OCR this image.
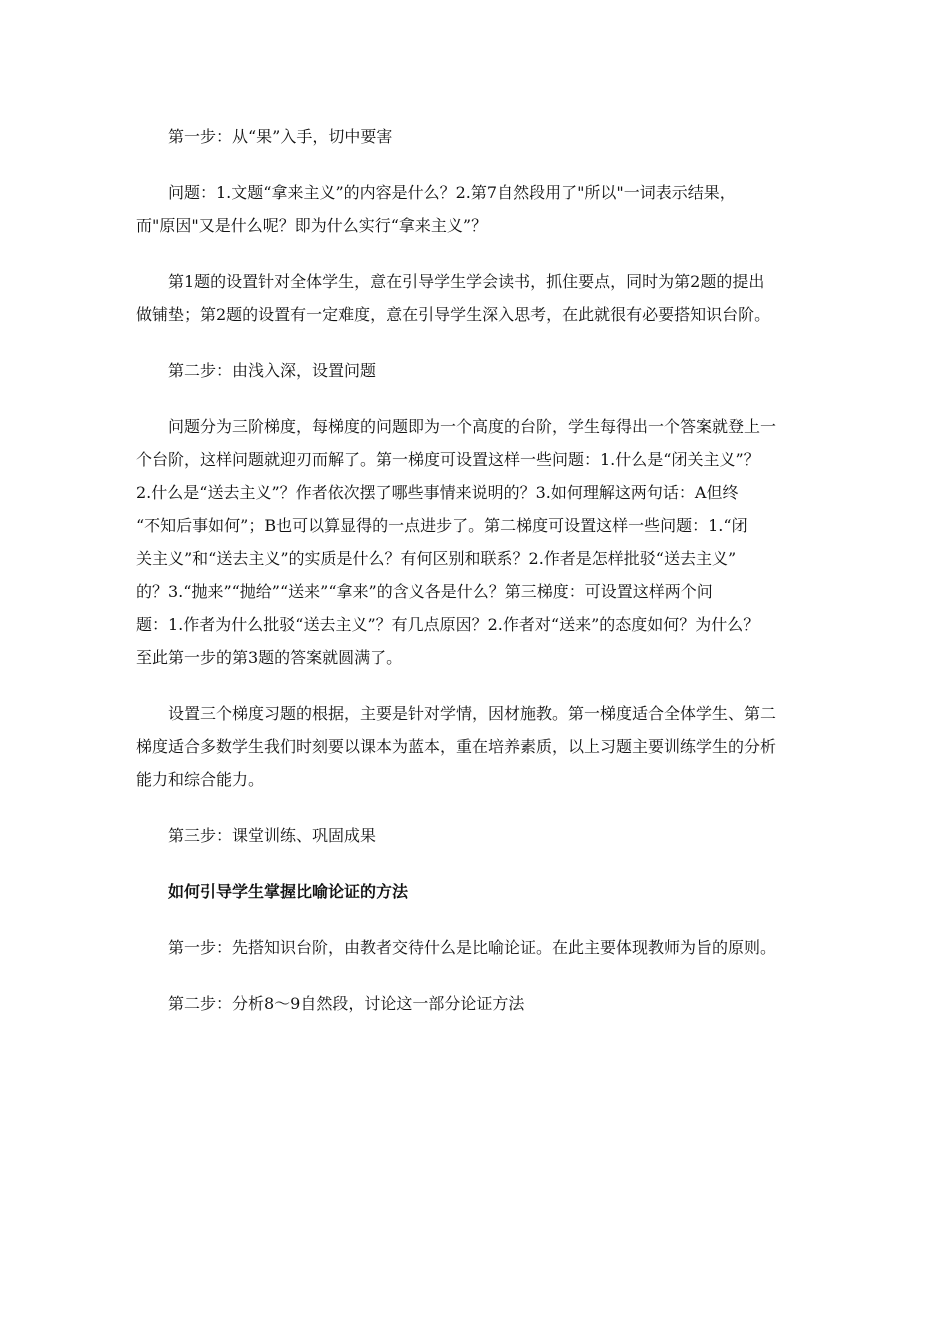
第一步：从“果”入手，切中要害
问题：1.文题“拿来主义”的内容是什么？2.第7自然段用了"所以"一词表示结果，
而"原因"又是什么呢？即为什么实行“拿来主义”？
第1题的设置针对全体学生，意在引导学生学会读书，抓住要点，同时为第2题的提出
做铺垫；第2题的设置有一定难度，意在引导学生深入思考，在此就很有必要搭知识台阶。
第二步：由浅入深，设置问题
问题分为三阶梯度，每梯度的问题即为一个高度的台阶，学生每得出一个答案就登上一
个台阶，这样问题就迎刃而解了。第一梯度可设置这样一些问题：1.什么是“闭关主义”？
2.什么是“送去主义”？作者依次摆了哪些事情来说明的？3.如何理解这两句话：A但终
“不知后事如何”；B也可以算显得的一点进步了。第二梯度可设置这样一些问题：1.“闭
关主义”和“送去主义”的实质是什么？有何区别和联系？2.作者是怎样批驳“送去主义”
的？3.“抛来”“抛给”“送来”“拿来”的含义各是什么？第三梯度：可设置这样两个问
题：1.作者为什么批驳“送去主义”？有几点原因？2.作者对“送来”的态度如何？为什么？
至此第一步的第3题的答案就圆满了。
设置三个梯度习题的根据，主要是针对学情，因材施教。第一梯度适合全体学生、第二
梯度适合多数学生我们时刻要以课本为蓝本，重在培养素质，以上习题主要训练学生的分析
能力和综合能力。
第三步：课堂训练、巩固成果
如何引导学生掌握比喻论证的方法
第一步：先搭知识台阶，由教者交待什么是比喻论证。在此主要体现教师为旨的原则。
第二步：分析8～9自然段，讨论这一部分论证方法
